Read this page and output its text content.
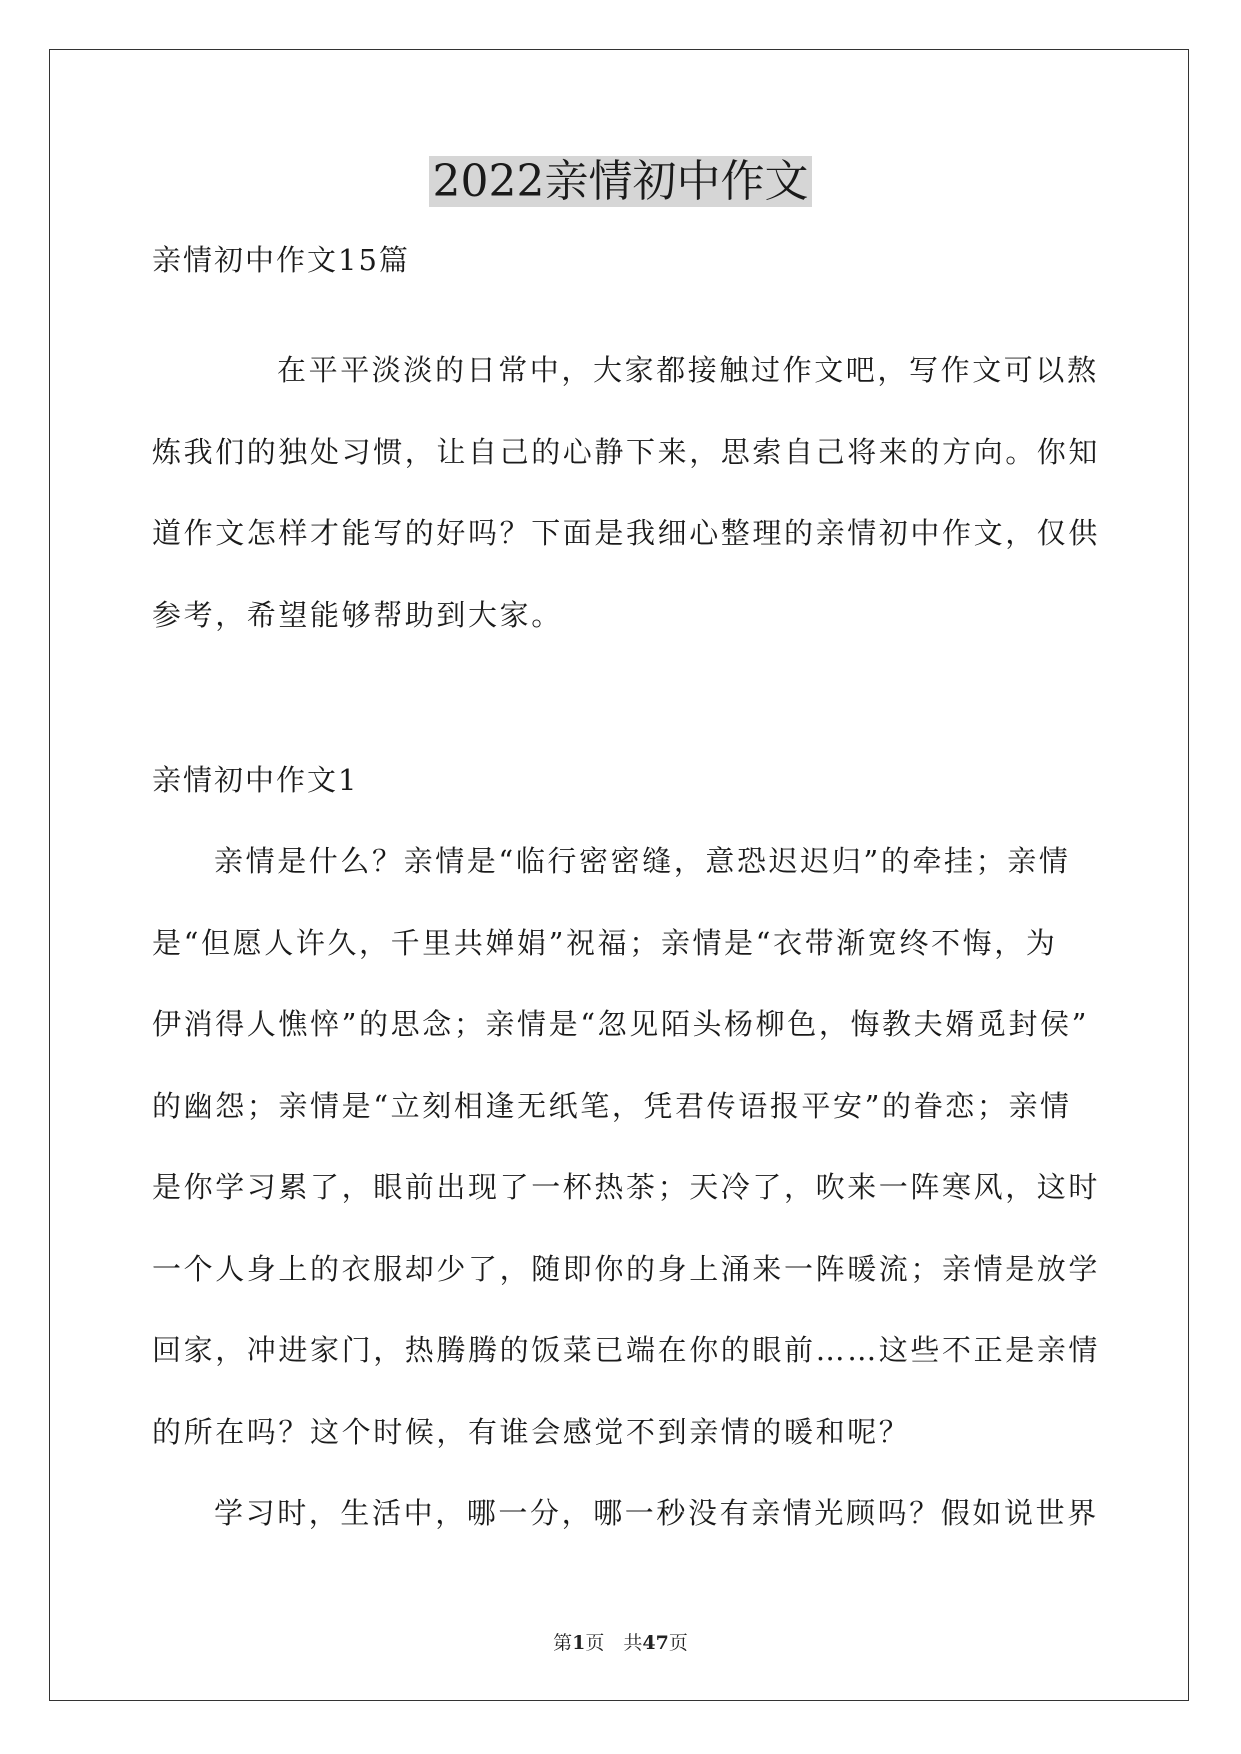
2022亲情初中作文
亲情初中作文15篇
在平平淡淡的日常中，大家都接触过作文吧，写作文可以熬
炼我们的独处习惯，让自己的心静下来，思索自己将来的方向。你知
道作文怎样才能写的好吗？下面是我细心整理的亲情初中作文，仅供
参考，希望能够帮助到大家。
亲情初中作文1
亲情是什么？亲情是“临行密密缝，意恐迟迟归”的牵挂；亲情
是“但愿人许久，千里共婵娟”祝福；亲情是“衣带渐宽终不悔，为
伊消得人憔悴”的思念；亲情是“忽见陌头杨柳色，悔教夫婿觅封侯”
的幽怨；亲情是“立刻相逢无纸笔，凭君传语报平安”的眷恋；亲情
是你学习累了，眼前出现了一杯热茶；天冷了，吹来一阵寒风，这时
一个人身上的衣服却少了，随即你的身上涌来一阵暖流；亲情是放学
回家，冲进家门，热腾腾的饭菜已端在你的眼前……这些不正是亲情
的所在吗？这个时候，有谁会感觉不到亲情的暖和呢？
学习时，生活中，哪一分，哪一秒没有亲情光顾吗？假如说世界
第1页　共47页
